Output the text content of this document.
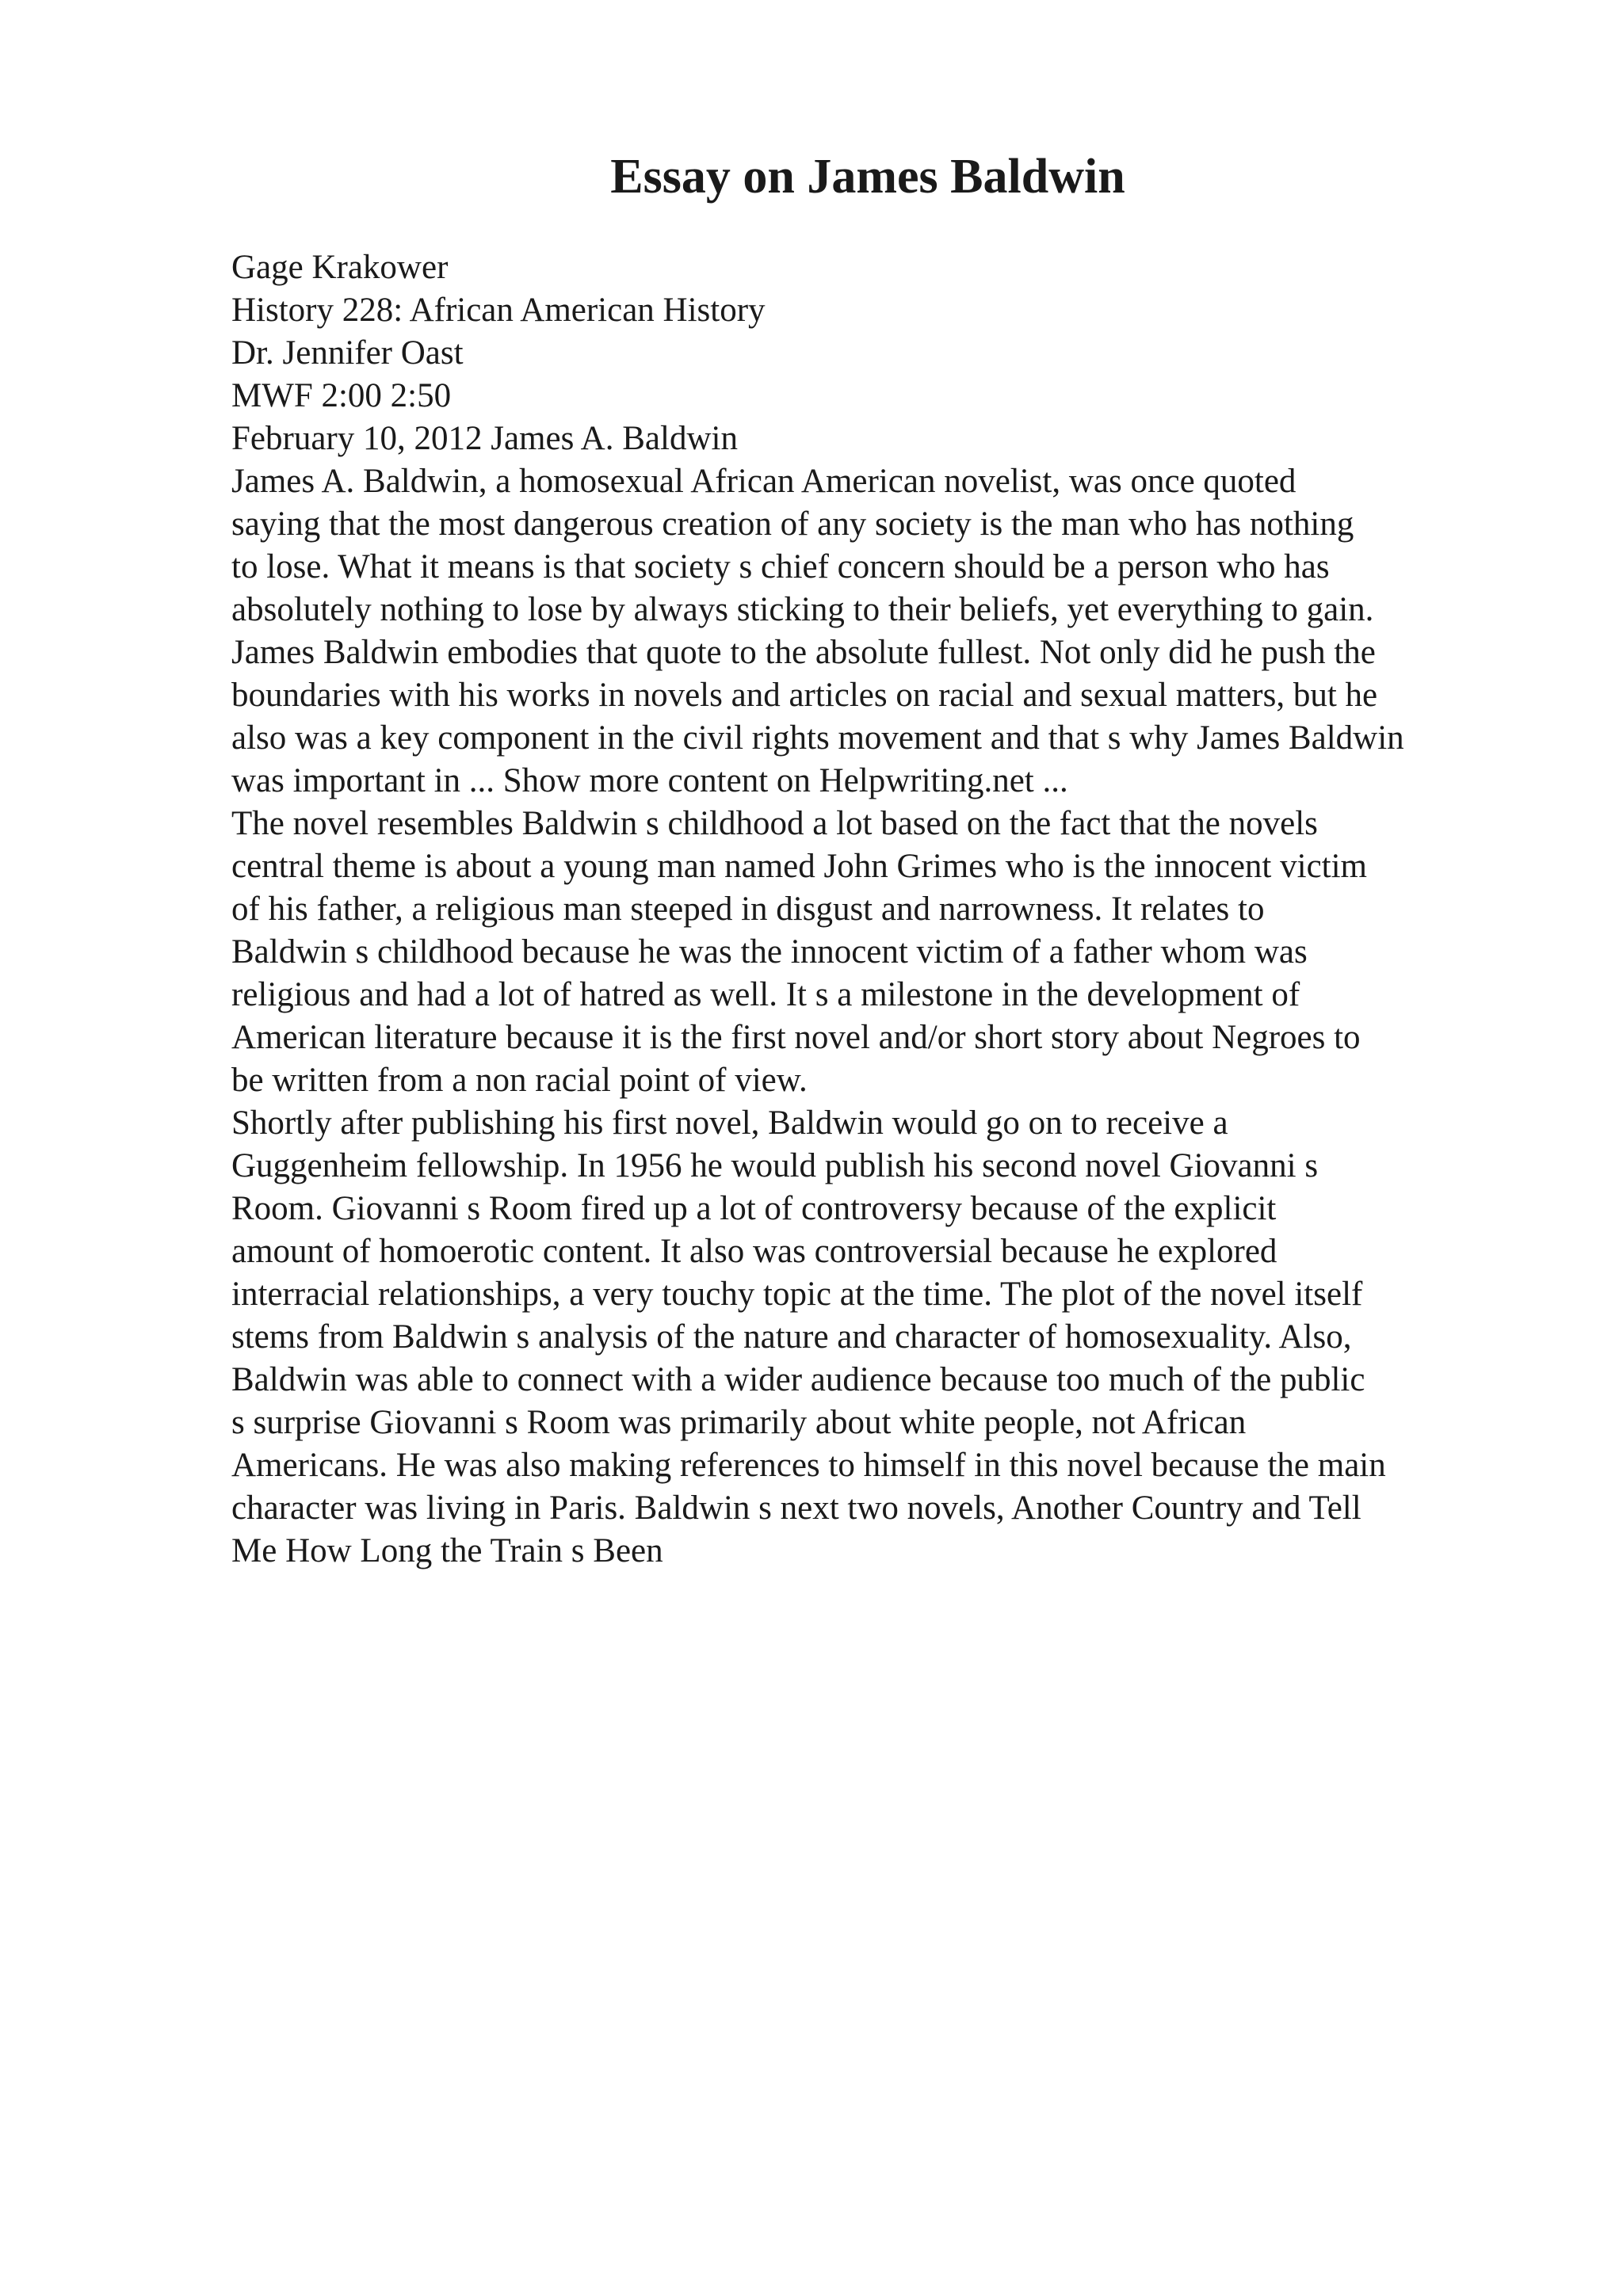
Essay on James Baldwin
Gage Krakower
History 228: African American History
Dr. Jennifer Oast
MWF 2:00 2:50
February 10, 2012 James A. Baldwin
James A. Baldwin, a homosexual African American novelist, was once quoted
saying that the most dangerous creation of any society is the man who has nothing
to lose. What it means is that society s chief concern should be a person who has
absolutely nothing to lose by always sticking to their beliefs, yet everything to gain.
James Baldwin embodies that quote to the absolute fullest. Not only did he push the
boundaries with his works in novels and articles on racial and sexual matters, but he
also was a key component in the civil rights movement and that s why James Baldwin
was important in ... Show more content on Helpwriting.net ...
The novel resembles Baldwin s childhood a lot based on the fact that the novels
central theme is about a young man named John Grimes who is the innocent victim
of his father, a religious man steeped in disgust and narrowness. It relates to
Baldwin s childhood because he was the innocent victim of a father whom was
religious and had a lot of hatred as well. It s a milestone in the development of
American literature because it is the first novel and/or short story about Negroes to
be written from a non racial point of view.
Shortly after publishing his first novel, Baldwin would go on to receive a
Guggenheim fellowship. In 1956 he would publish his second novel Giovanni s
Room. Giovanni s Room fired up a lot of controversy because of the explicit
amount of homoerotic content. It also was controversial because he explored
interracial relationships, a very touchy topic at the time. The plot of the novel itself
stems from Baldwin s analysis of the nature and character of homosexuality. Also,
Baldwin was able to connect with a wider audience because too much of the public
s surprise Giovanni s Room was primarily about white people, not African
Americans. He was also making references to himself in this novel because the main
character was living in Paris. Baldwin s next two novels, Another Country and Tell
Me How Long the Train s Been
